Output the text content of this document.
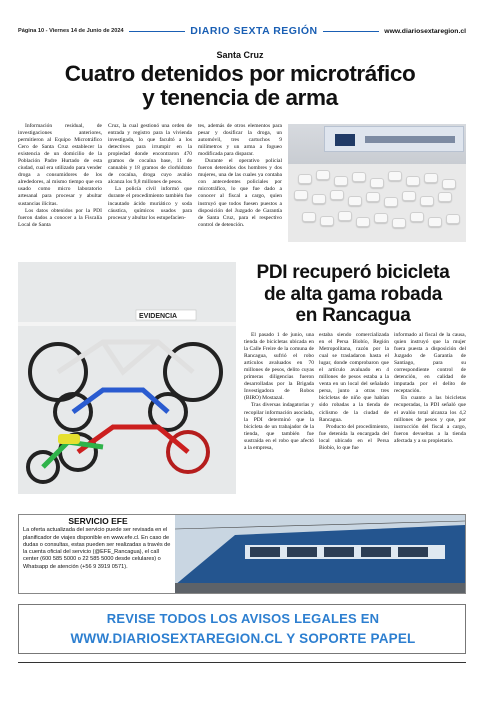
Página 10 - Viernes 14 de Junio de 2024	DIARIO SEXTA REGIÓN	www.diariosextaregion.cl
Santa Cruz
Cuatro detenidos por microtráfico
y tenencia de arma

Información residual, de investigaciones anteriores, permitieron al Equipo Microtráfico Cero de Santa Cruz establecer la existencia de un domicilio de la Población Padre Hurtado de esta ciudad, cual era utilizado para vender droga a consumidores de los alrededores, al mismo tiempo que era usado como micro laboratorio artesanal para procesar y abultar sustancias ilícitas.

Los datos obtenidos por la PDI fueron dados a conocer a la Fiscalía Local de Santa

Cruz, la cual gestionó una orden de entrada y registro para la vivienda investigada, lo que facultó a los detectives para irrumpir en la propiedad donde encontraron 470 gramos de cocaína base, 11 de cannabis y 18 gramos de clorhidrato de cocaína, droga cuyo avalúo alcanza los 9,8 millones de pesos.

La policía civil informó que durante el procedimiento también fue incautado ácido muriático y soda cáustica, químicos usados para procesar y abultar los estupefacien-

tes, además de otros elementos para pesar y dosificar la droga, un automóvil, tres cartuchos 9 milímetros y un arma a fogueo modificada para disparar.

Durante el operativo policial fueron detenidos dos hombres y dos mujeres, una de las cuales ya contaba con antecedentes policiales por microtráfico, lo que fue dado a conocer al fiscal a cargo, quien instruyó que todos fuesen puestos a disposición del Juzgado de Garantía de Santa Cruz, para el respectivo control de detención.

EVIDENCIA
PDI recuperó bicicleta
de alta gama robada
en Rancagua

El pasado 1 de junio, una tienda de bicicletas ubicada en la Calle Freire de la comuna de Rancagua, sufrió el robo artículos avaluados en 70 millones de pesos, delito cuyas primeras diligencias fueron desarrolladas por la Brigada Investigadora de Robos (BIRO) Mostazal.

Tras diversas indagatorias y recopilar información asociada, la PDI determinó que la bicicleta de un trabajador de la tienda, que también fue sustraída en el robo que afectó a la empresa,

estaba siendo comercializada en el Persa Biobío, Región Metropolitana, razón por la cual se trasladaron hasta el lugar, donde comprobaron que el artículo avaluado en 4 millones de pesos estaba a la venta en un local del señalado persa, junto a otras tres bicicletas de niño que habían sido robadas a la tienda de ciclismo de la ciudad de Rancagua.

Producto del procedimiento, fue detenida la encargada del local ubicado en el Persa Biobío, lo que fue

informado al fiscal de la causa, quien instruyó que la mujer fuera puesta a disposición del Juzgado de Garantía de Santiago, para su correspondiente control de detención, en calidad de imputada por el delito de receptación.

En cuanto a las bicicletas recuperadas, la PDI señaló que el avalúo total alcanza los 4,2 millones de pesos y que, por instrucción del fiscal a cargo, fueron devueltas a la tienda afectada y a su propietario.

SERVICIO EFE
La oferta actualizada del servicio puede ser revisada en el planificador de viajes disponible en www.efe.cl. En caso de dudas o consultas, estas pueden ser realizadas a través de la cuenta oficial del servicio (@EFE_Rancagua), el call center (600 585 5000 o 22 585 5000 desde celulares) o Whatsapp de atención (+56 9 3919 0571).
REVISE TODOS LOS AVISOS LEGALES EN
WWW.DIARIOSEXTAREGION.CL Y SOPORTE PAPEL
